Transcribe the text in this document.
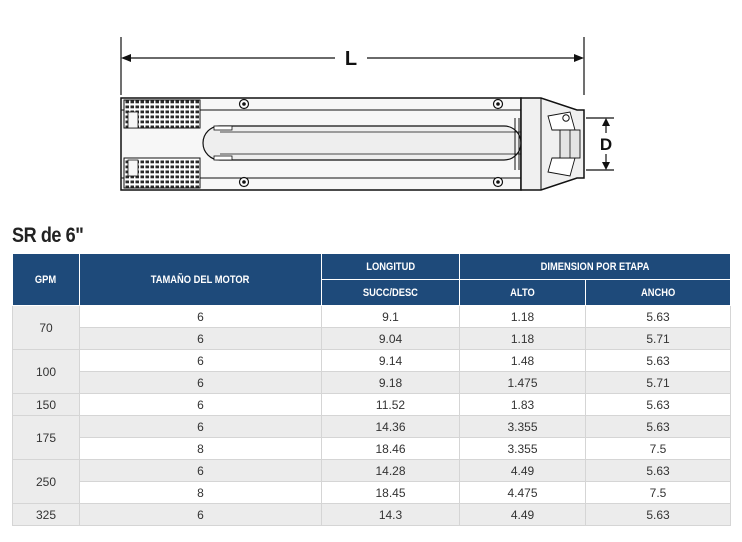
L
D
SR de 6"
GPM	TAMAÑO DEL MOTOR	LONGITUD	DIMENSION POR ETAPA	
		SUCC/DESC	ALTO	ANCHO
70	6	9.1	1.18	5.63
	6	9.04	1.18	5.71
100	6	9.14	1.48	5.63
	6	9.18	1.475	5.71
150	6	11.52	1.83	5.63
175	6	14.36	3.355	5.63
	8	18.46	3.355	7.5
250	6	14.28	4.49	5.63
	8	18.45	4.475	7.5
325	6	14.3	4.49	5.63
